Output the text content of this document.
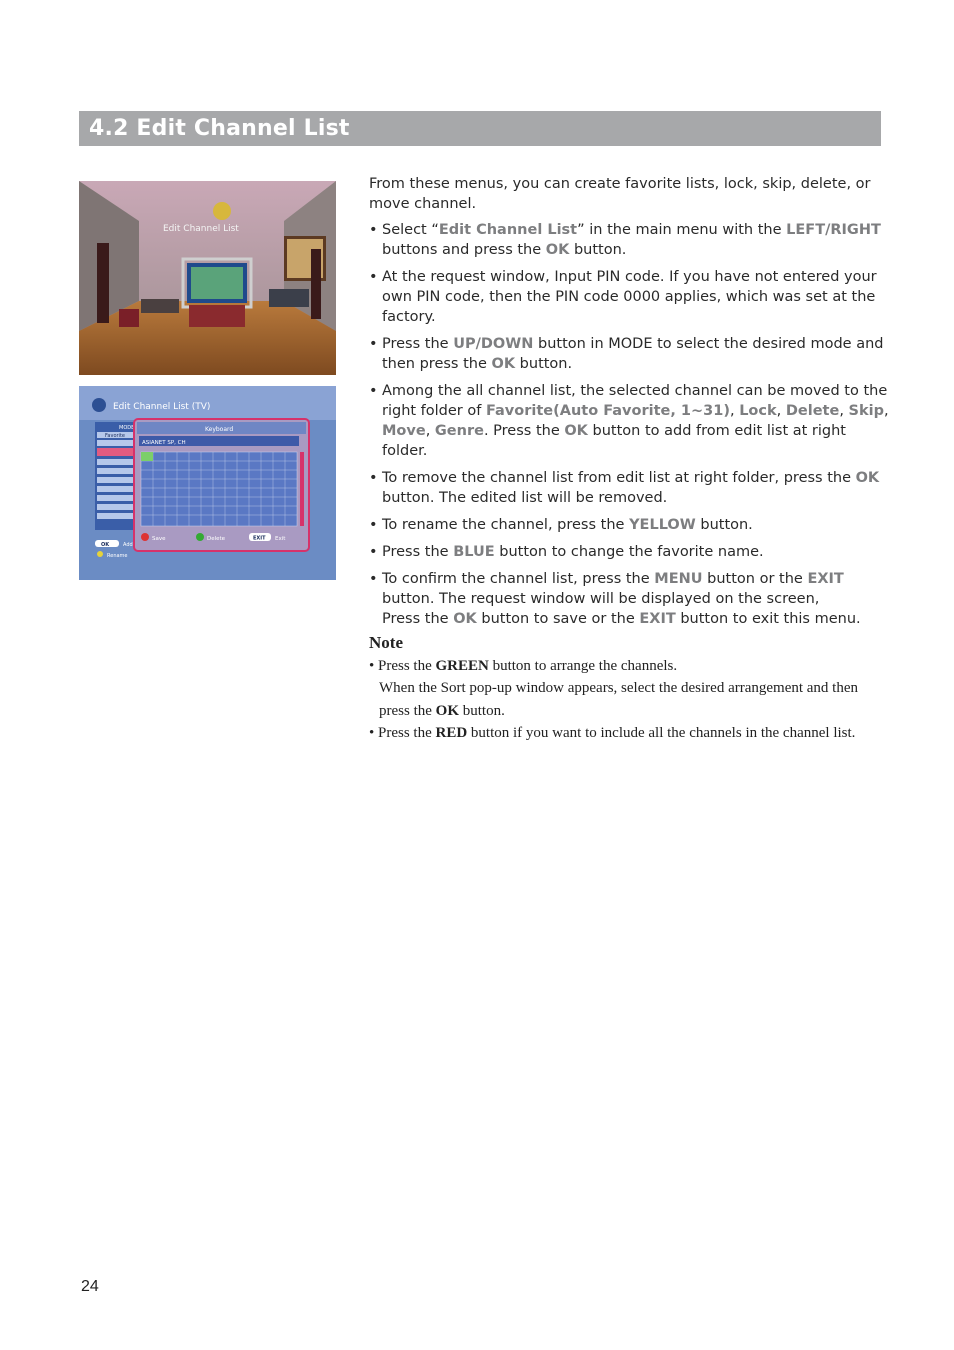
4.2 Edit Channel List
Edit Channel List
Edit Channel List (TV)
MODE
Favorite
Keyboard
ASIANET SP, CH
Save	Delete	EXIT Exit
OK	Add
Rename

From these menus, you can create favorite lists, lock, skip, delete, or move channel.

• Select “Edit Channel List” in the main menu with the LEFT/RIGHT buttons and press the OK button.
• At the request window, Input PIN code. If you have not entered your own PIN code, then the PIN code 0000 applies, which was set at the factory.
• Press the UP/DOWN button in MODE to select the desired mode and then press the OK button.
• Among the all channel list, the selected channel can be moved to the right folder of Favorite(Auto Favorite, 1~31), Lock, Delete, Skip, Move, Genre. Press the OK button to add from edit list at right folder.
• To remove the channel list from edit list at right folder, press the OK button. The edited list will be removed.
• To rename the channel, press the YELLOW button.
• Press the BLUE button to change the favorite name.
• To confirm the channel list, press the MENU button or the EXIT button. The request window will be displayed on the screen,
Press the OK button to save or the EXIT button to exit this menu.
Note
• Press the GREEN button to arrange the channels.
When the Sort pop-up window appears, select the desired arrangement and then press the OK button.
• Press the RED button if you want to include all the channels in the channel list.
24
